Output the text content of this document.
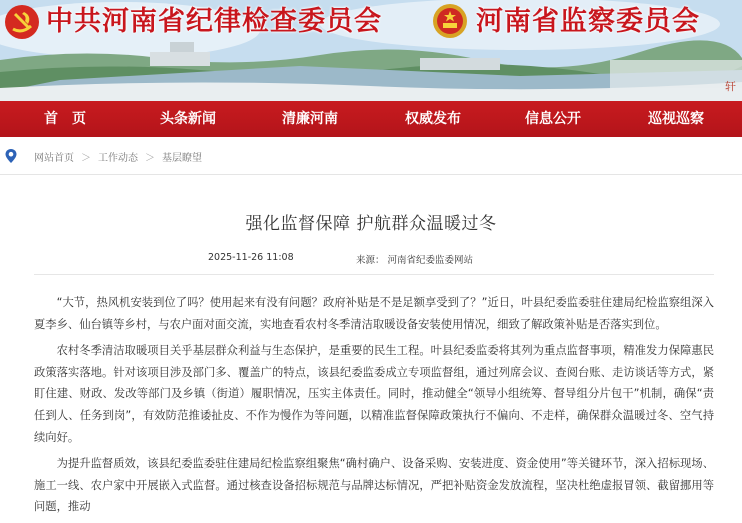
中共河南省纪律检查委员会	河南省监察委员会
轩
首　页	头条新闻	清廉河南	权威发布	信息公开	巡视巡察
网站首页 ＞ 工作动态 ＞ 基层瞭望
强化监督保障 护航群众温暖过冬
2025-11-26 11:08	来源： 河南省纪委监委网站

“大节，热风机安装到位了吗？使用起来有没有问题？政府补贴是不是足额享受到了？”近日，叶县纪委监委驻住建局纪检监察组深入夏李乡、仙台镇等乡村，与农户面对面交流，实地查看农村冬季清洁取暖设备安装使用情况，细致了解政策补贴是否落实到位。

农村冬季清洁取暖项目关乎基层群众利益与生态保护，是重要的民生工程。叶县纪委监委将其列为重点监督事项，精准发力保障惠民政策落实落地。针对该项目涉及部门多、覆盖广的特点，该县纪委监委成立专项监督组，通过列席会议、查阅台账、走访谈话等方式，紧盯住建、财政、发改等部门及乡镇（街道）履职情况，压实主体责任。同时，推动健全“领导小组统筹、督导组分片包干”机制，确保“责任到人、任务到岗”，有效防范推诿扯皮、不作为慢作为等问题，以精准监督保障政策执行不偏向、不走样，确保群众温暖过冬、空气持续向好。

为提升监督质效，该县纪委监委驻住建局纪检监察组聚焦“确村确户、设备采购、安装进度、资金使用”等关键环节，深入招标现场、施工一线、农户家中开展嵌入式监督。通过核查设备招标规范与品牌达标情况，严把补贴资金发放流程，坚决杜绝虚报冒领、截留挪用等问题，推动
